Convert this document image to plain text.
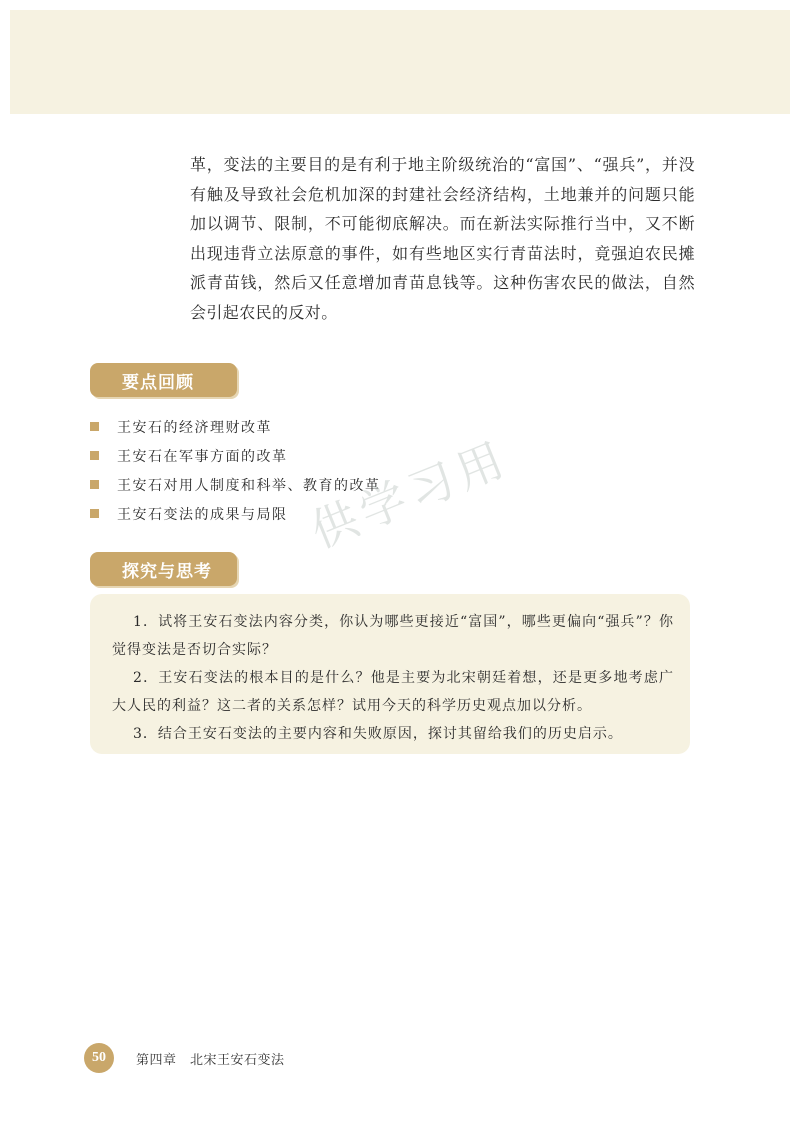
革，变法的主要目的是有利于地主阶级统治的“富国”、“强兵”，并没有触及导致社会危机加深的封建社会经济结构，土地兼并的问题只能加以调节、限制，不可能彻底解决。而在新法实际推行当中，又不断出现违背立法原意的事件，如有些地区实行青苗法时，竟强迫农民摊派青苗钱，然后又任意增加青苗息钱等。这种伤害农民的做法，自然会引起农民的反对。

要点回顾
王安石的经济理财改革
王安石在军事方面的改革
王安石对用人制度和科举、教育的改革
王安石变法的成果与局限
探究与思考

1．试将王安石变法内容分类，你认为哪些更接近“富国”，哪些更偏向“强兵”？你觉得变法是否切合实际？

2．王安石变法的根本目的是什么？他是主要为北宋朝廷着想，还是更多地考虑广大人民的利益？这二者的关系怎样？试用今天的科学历史观点加以分析。

3．结合王安石变法的主要内容和失败原因，探讨其留给我们的历史启示。

供学习用
50	第四章　北宋王安石变法
